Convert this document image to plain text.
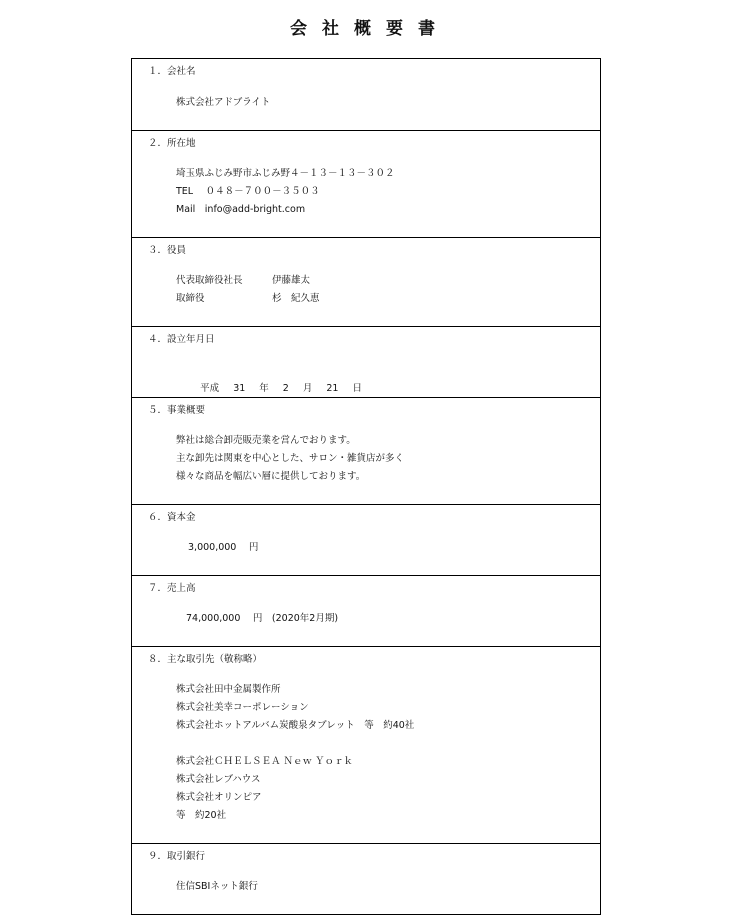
会社概要書
１．会社名
株式会社アドブライト
２．所在地
埼玉県ふじみ野市ふじみ野４－１３－１３－３０２
TEL　 ０４８－７００－３５０３
Mail　info@add-bright.com
３．役員
代表取締役社長	伊藤雄太
取締役	杉　紀久恵
４．設立年月日

平成 31 年 2 月 21 日

５．事業概要
弊社は総合卸売販売業を営んでおります。
主な卸先は関東を中心とした、サロン・雑貨店が多く
様々な商品を幅広い層に提供しております。
６．資本金
3,000,000　 円
７．売上高
74,000,000　 円　(2020年2月期)
８．主な取引先（敬称略）
株式会社田中金属製作所
株式会社美幸コーポレーション
株式会社ホットアルバム炭酸泉タブレット　等　約40社
株式会社ＣＨＥＬＳＥＡ Ｎｅｗ Ｙｏｒｋ
株式会社レブハウス
株式会社オリンピア
等　約20社
９．取引銀行
住信SBIネット銀行
